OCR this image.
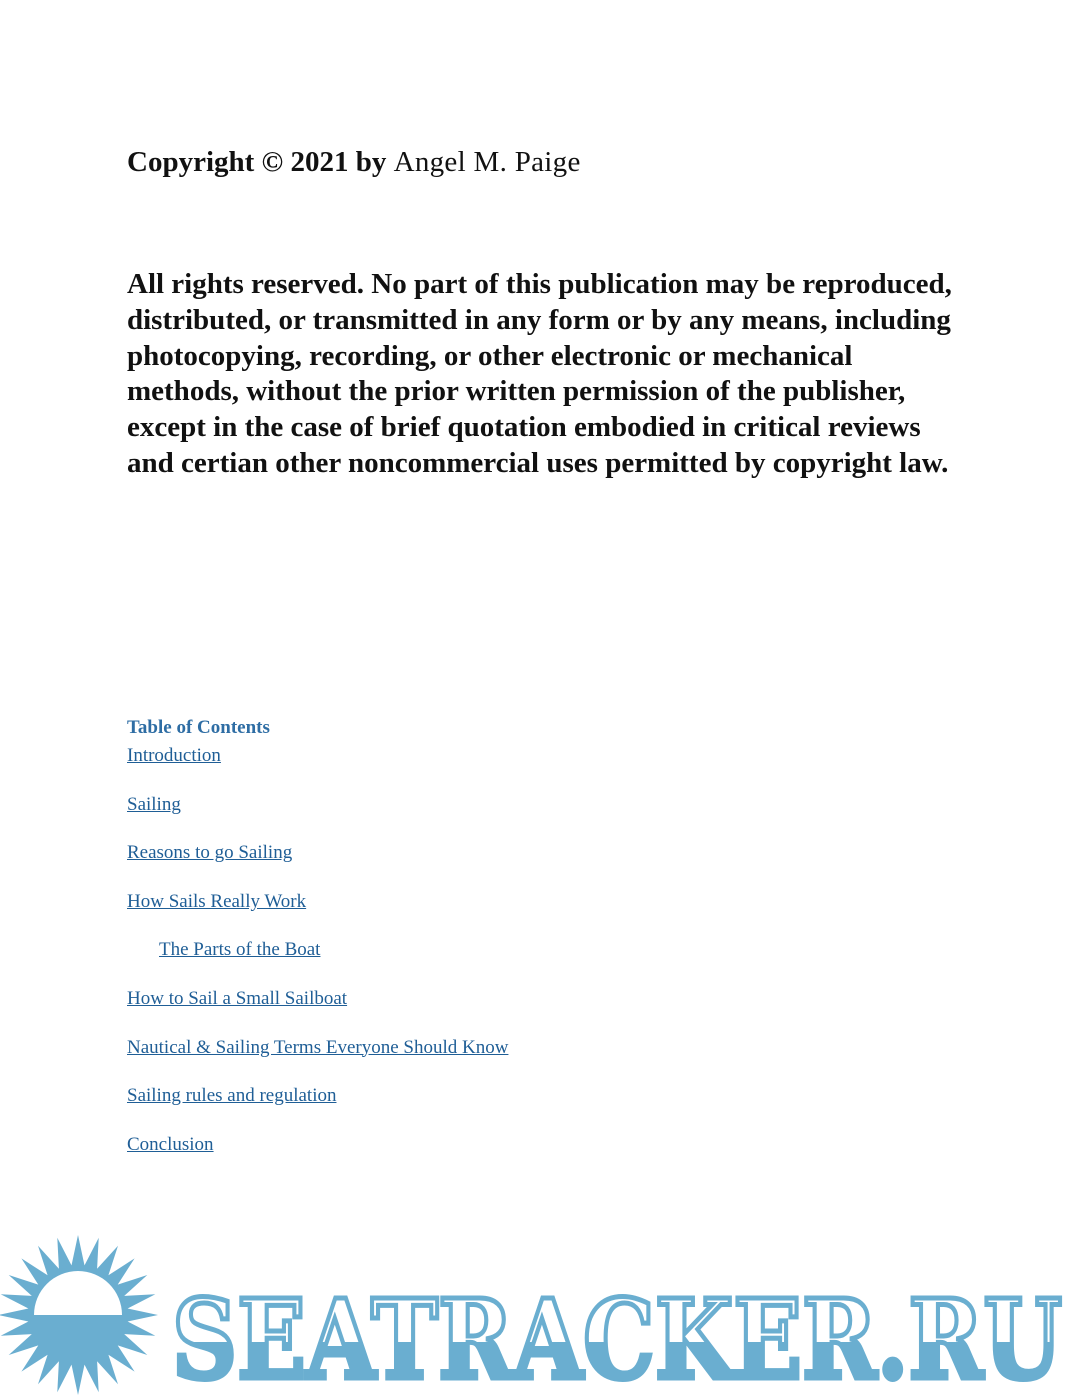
Copyright © 2021 by Angel M. Paige

All rights reserved. No part of this publication may be reproduced, distributed, or transmitted in any form or by any means, including photocopying, recording, or other electronic or mechanical methods, without the prior written permission of the publisher, except in the case of brief quotation embodied in critical reviews and certian other noncommercial uses permitted by copyright law.

Table of Contents

Introduction
Sailing
Reasons to go Sailing
How Sails Really Work
The Parts of the Boat
How to Sail a Small Sailboat
Nautical & Sailing Terms Everyone Should Know
Sailing rules and regulation
Conclusion
SEATRACKER.RU
